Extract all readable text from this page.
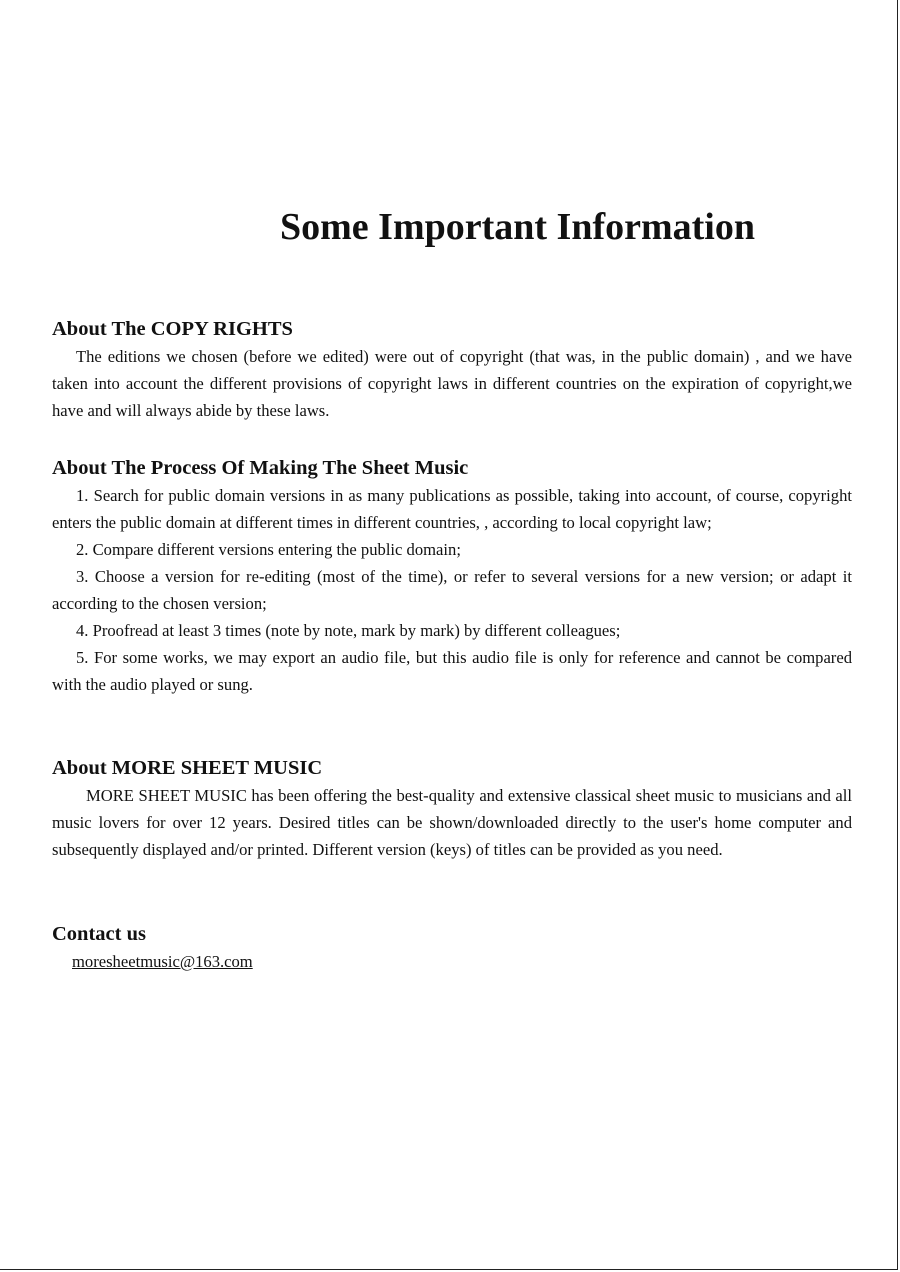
Some Important Information
About The COPY RIGHTS

The editions we chosen (before we edited) were out of copyright (that was, in the public domain) , and we have taken into account the different provisions of copyright laws in different countries on the expiration of copyright,we have and will always abide by these laws.

About The Process Of Making The Sheet Music

1. Search for public domain versions in as many publications as possible, taking into account, of course, copyright enters the public domain at different times in different countries, , according to local copyright law;

2. Compare different versions entering the public domain;

3. Choose a version for re-editing (most of the time), or refer to several versions for a new version; or adapt it according to the chosen version;

4. Proofread at least 3 times (note by note, mark by mark) by different colleagues;

5. For some works, we may export an audio file, but this audio file is only for reference and cannot be compared with the audio played or sung.

About MORE SHEET MUSIC

MORE SHEET MUSIC has been offering the best-quality and extensive classical sheet music to musicians and all music lovers for over 12 years. Desired titles can be shown/downloaded directly to the user's home computer and subsequently displayed and/or printed. Different version (keys) of titles can be provided as you need.

Contact us
moresheetmusic@163.com
